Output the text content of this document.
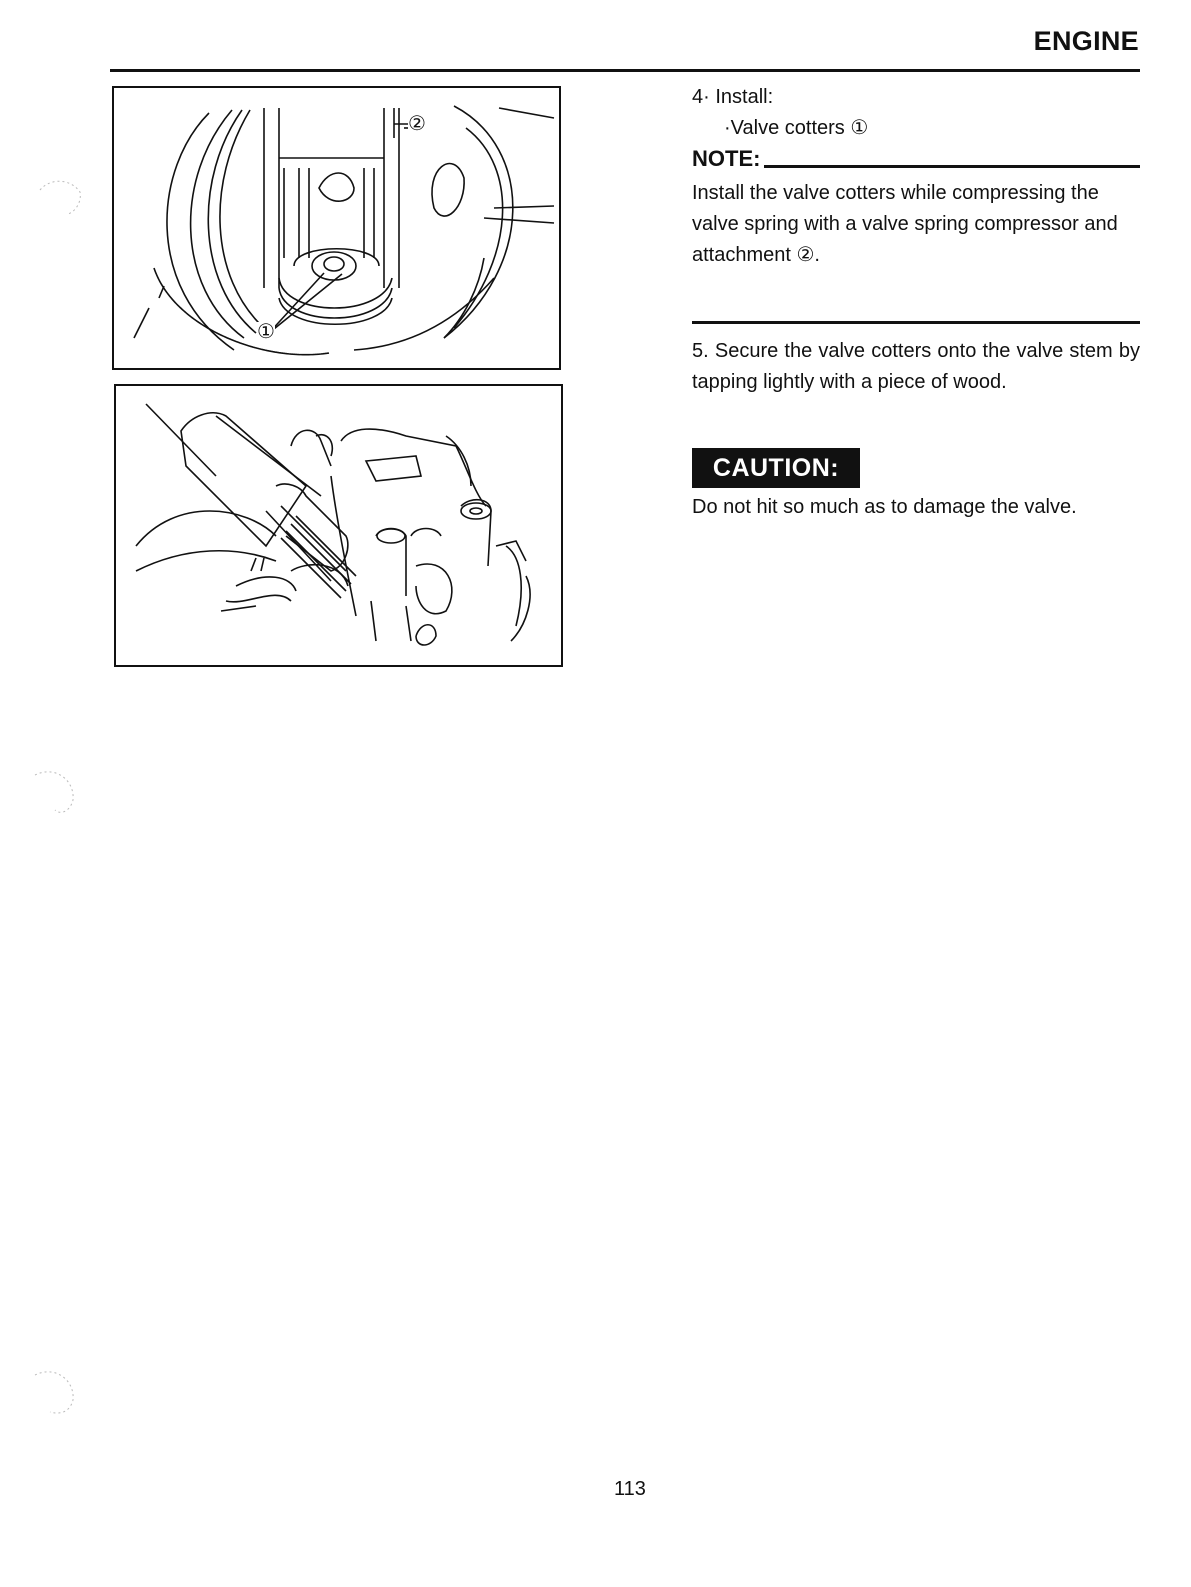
ENGINE
①
②
4· Install:
·Valve cotters ①
NOTE:
Install the valve cotters while compressing the valve spring with a valve spring compressor and attachment ②.
5. Secure the valve cotters onto the valve stem by tapping lightly with a piece of wood.
CAUTION:
Do not hit so much as to damage the valve.
113
